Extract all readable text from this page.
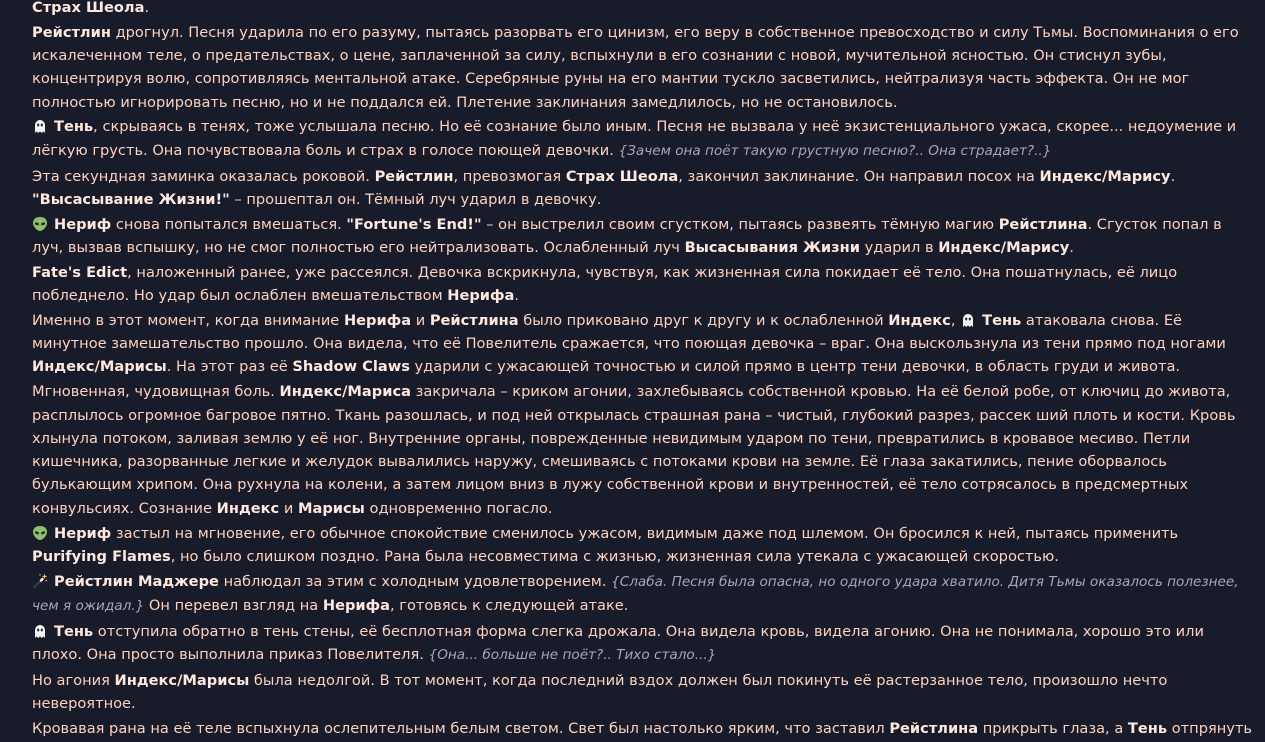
Страх Шеола.
Рейстлин дрогнул. Песня ударила по его разуму, пытаясь разорвать его цинизм, его веру в собственное превосходство и силу Тьмы. Воспоминания о его искалеченном теле, о предательствах, о цене, заплаченной за силу, вспыхнули в его сознании с новой, мучительной ясностью. Он стиснул зубы, концентрируя волю, сопротивляясь ментальной атаке. Серебряные руны на его мантии тускло засветились, нейтрализуя часть эффекта. Он не мог полностью игнорировать песню, но и не поддался ей. Плетение заклинания замедлилось, но не остановилось.
Тень, скрываясь в тенях, тоже услышала песню. Но её сознание было иным. Песня не вызвала у неё экзистенциального ужаса, скорее... недоумение и лёгкую грусть. Она почувствовала боль и страх в голосе поющей девочки. {Зачем она поёт такую грустную песню?.. Она страдает?..}
Эта секундная заминка оказалась роковой. Рейстлин, превозмогая Страх Шеола, закончил заклинание. Он направил посох на Индекс/Марису. "Высасывание Жизни!" – прошептал он. Тёмный луч ударил в девочку.
Нериф снова попытался вмешаться. "Fortune's End!" – он выстрелил своим сгустком, пытаясь развеять тёмную магию Рейстлина. Сгусток попал в луч, вызвав вспышку, но не смог полностью его нейтрализовать. Ослабленный луч Высасывания Жизни ударил в Индекс/Марису.
Fate's Edict, наложенный ранее, уже рассеялся. Девочка вскрикнула, чувствуя, как жизненная сила покидает её тело. Она пошатнулась, её лицо побледнело. Но удар был ослаблен вмешательством Нерифа.
Именно в этот момент, когда внимание Нерифа и Рейстлина было приковано друг к другу и к ослабленной Индекс,
Тень атаковала снова. Её минутное замешательство прошло. Она видела, что её Повелитель сражается, что поющая девочка – враг. Она выскользнула из тени прямо под ногами Индекс/Марисы. На этот раз её Shadow Claws ударили с ужасающей точностью и силой прямо в центр тени девочки, в область груди и живота.
Мгновенная, чудовищная боль. Индекс/Мариса закричала – криком агонии, захлебываясь собственной кровью. На её белой робе, от ключиц до живота, расплылось огромное багровое пятно. Ткань разошлась, и под ней открылась страшная рана – чистый, глубокий разрез, рассек ший плоть и кости. Кровь хлынула потоком, заливая землю у её ног. Внутренние органы, поврежденные невидимым ударом по тени, превратились в кровавое месиво. Петли кишечника, разорванные легкие и желудок вывалились наружу, смешиваясь с потоками крови на земле. Её глаза закатились, пение оборвалось булькающим хрипом. Она рухнула на колени, а затем лицом вниз в лужу собственной крови и внутренностей, её тело сотрясалось в предсмертных конвульсиях. Сознание Индекс и Марисы одновременно погасло.
Нериф застыл на мгновение, его обычное спокойствие сменилось ужасом, видимым даже под шлемом. Он бросился к ней, пытаясь применить Purifying Flames, но было слишком поздно. Рана была несовместима с жизнью, жизненная сила утекала с ужасающей скоростью.
Рейстлин Маджере наблюдал за этим с холодным удовлетворением. {Слаба. Песня была опасна, но одного удара хватило. Дитя Тьмы оказалось полезнее, чем я ожидал.} Он перевел взгляд на Нерифа, готовясь к следующей атаке.
Тень отступила обратно в тень стены, её бесплотная форма слегка дрожала. Она видела кровь, видела агонию. Она не понимала, хорошо это или плохо. Она просто выполнила приказ Повелителя. {Она... больше не поёт?.. Тихо стало...}
Но агония Индекс/Марисы была недолгой. В тот момент, когда последний вздох должен был покинуть её растерзанное тело, произошло нечто невероятное.
Кровавая рана на её теле вспыхнула ослепительным белым светом. Свет был настолько ярким, что заставил Рейстлина прикрыть глаза, а Тень отпрянуть
